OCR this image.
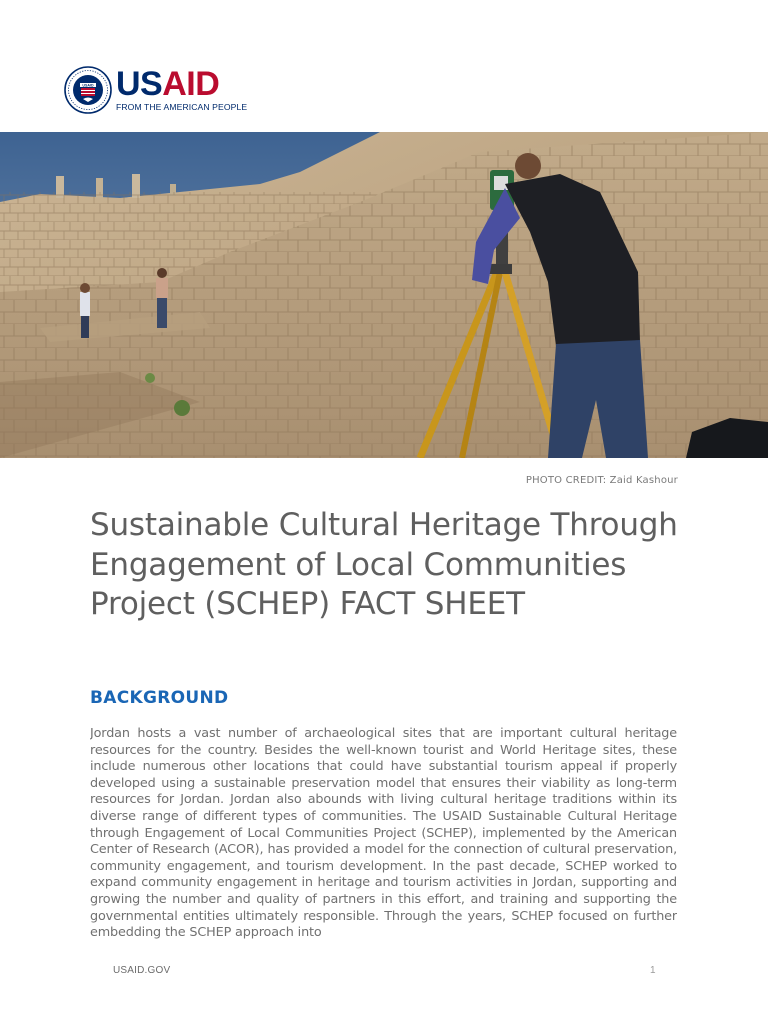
USAID USAID
FROM THE AMERICAN PEOPLE
PHOTO CREDIT: Zaid Kashour
Sustainable Cultural Heritage Through Engagement of Local Communities Project (SCHEP) FACT SHEET
BACKGROUND

Jordan hosts a vast number of archaeological sites that are important cultural heritage resources for the country. Besides the well-known tourist and World Heritage sites, these include numerous other locations that could have substantial tourism appeal if properly developed using a sustainable preservation model that ensures their viability as long-term resources for Jordan. Jordan also abounds with living cultural heritage traditions within its diverse range of different types of communities. The USAID Sustainable Cultural Heritage through Engagement of Local Communities Project (SCHEP), implemented by the American Center of Research (ACOR), has provided a model for the connection of cultural preservation, community engagement, and tourism development. In the past decade, SCHEP worked to expand community engagement in heritage and tourism activities in Jordan, supporting and growing the number and quality of partners in this effort, and training and supporting the governmental entities ultimately responsible. Through the years, SCHEP focused on further embedding the SCHEP approach into

USAID.GOV	1
